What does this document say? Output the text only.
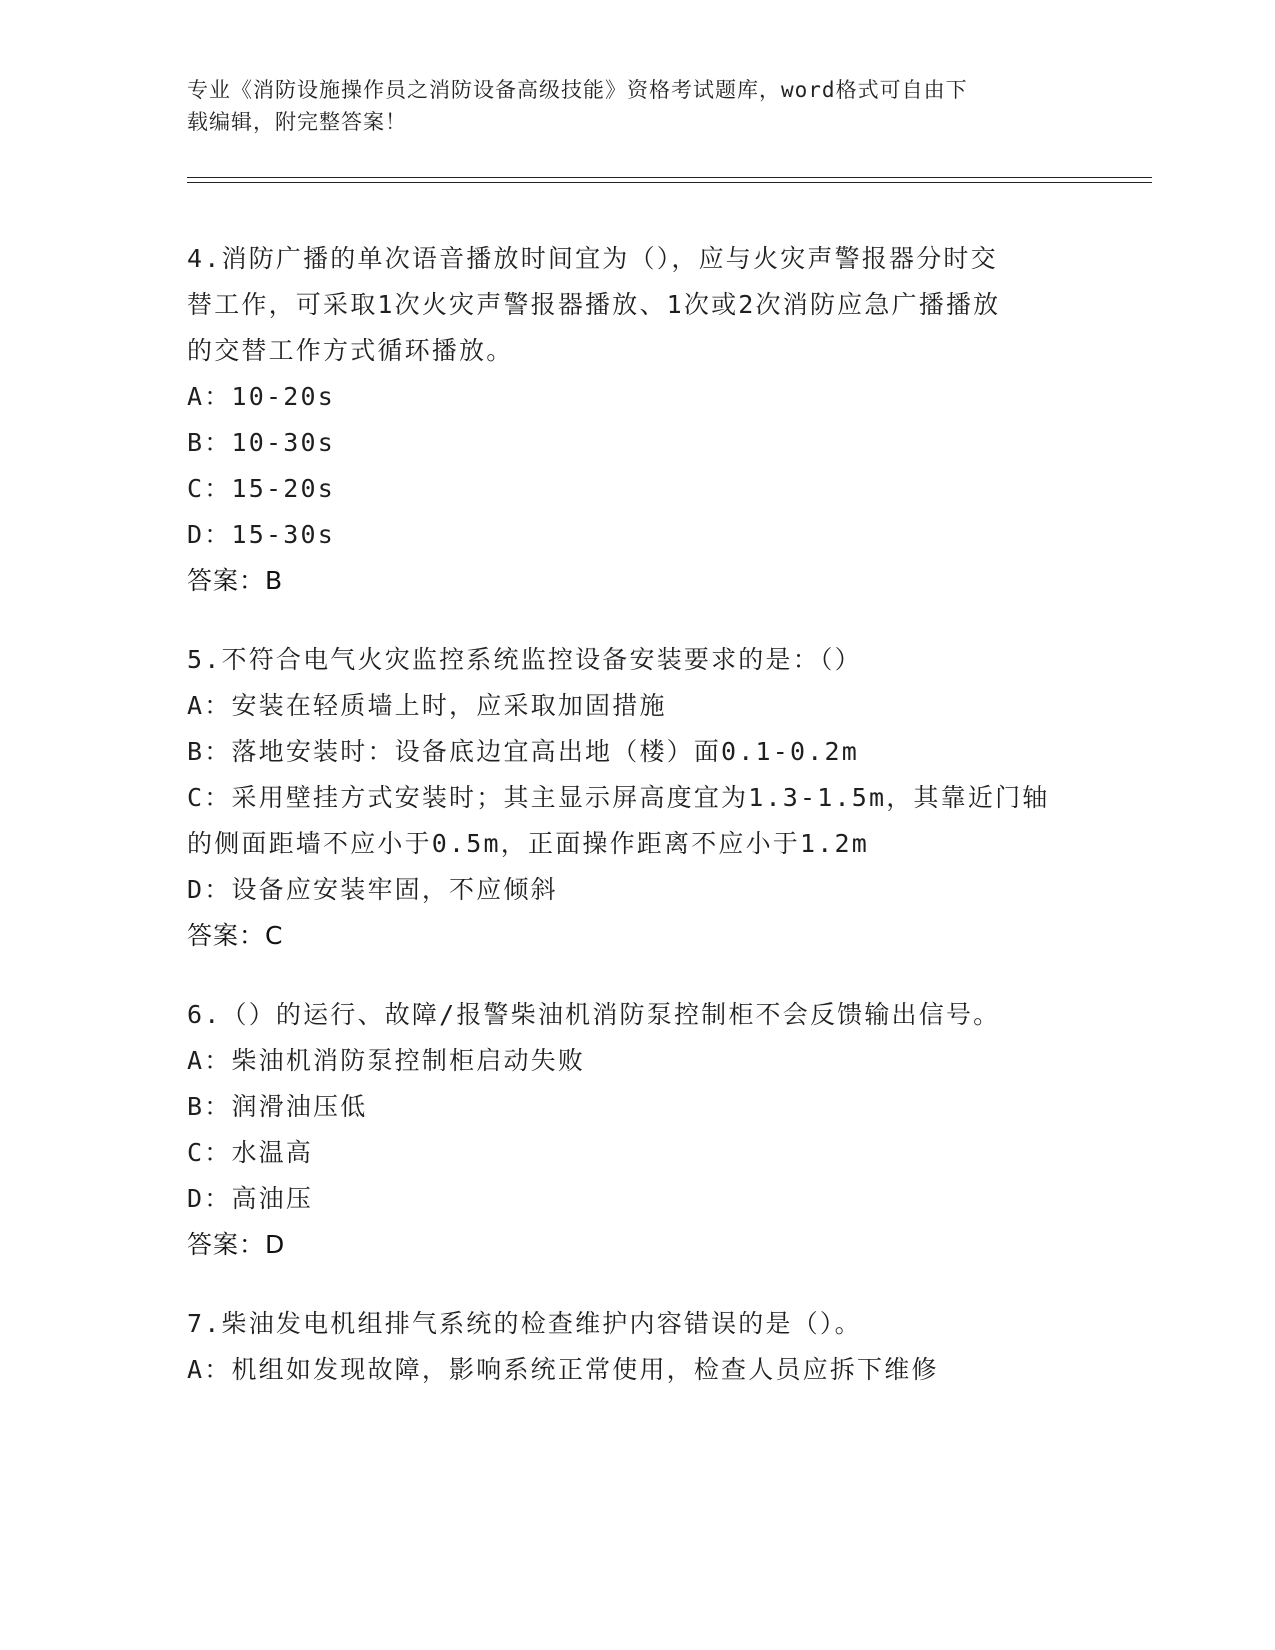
专业《消防设施操作员之消防设备高级技能》资格考试题库，word格式可自由下
载编辑，附完整答案！
4.消防广播的单次语音播放时间宜为（），应与火灾声警报器分时交
替工作，可采取1次火灾声警报器播放、1次或2次消防应急广播播放
的交替工作方式循环播放。
A：10-20s
B：10-30s
C：15-20s
D：15-30s
答案：B
5.不符合电气火灾监控系统监控设备安装要求的是：（）
A：安装在轻质墙上时，应采取加固措施
B：落地安装时：设备底边宜高出地（楼）面0.1-0.2m
C：采用壁挂方式安装时；其主显示屏高度宜为1.3-1.5m，其靠近门轴
的侧面距墙不应小于0.5m，正面操作距离不应小于1.2m
D：设备应安装牢固，不应倾斜
答案：C
6.（）的运行、故障/报警柴油机消防泵控制柜不会反馈输出信号。
A：柴油机消防泵控制柜启动失败
B：润滑油压低
C：水温高
D：高油压
答案：D
7.柴油发电机组排气系统的检查维护内容错误的是（）。
A：机组如发现故障，影响系统正常使用，检查人员应拆下维修
